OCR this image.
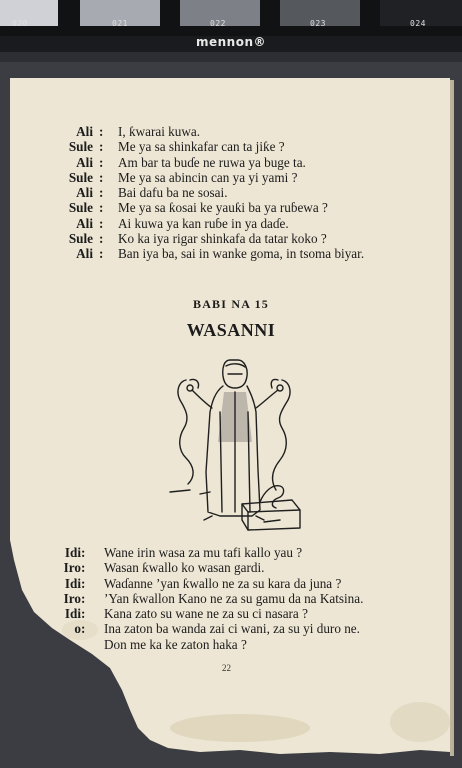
020	021	022	023	024
mennon®
Ali : I, ƙwarai kuwa.
Sule : Me ya sa shinkafar can ta jiƙe ?
Ali : Am bar ta buɗe ne ruwa ya buge ta.
Sule : Me ya sa abincin can ya yi yami ?
Ali : Bai dafu ba ne sosai.
Sule : Me ya sa ƙosai ke yauƙi ba ya ruɓewa ?
Ali : Ai kuwa ya kan ruɓe in ya daɗe.
Sule : Ko ka iya rigar shinkafa da tatar koko ?
Ali : Ban iya ba, sai in wanke goma, in tsoma biyar.
BABI NA 15
WASANNI
Idi : Wane irin wasa za mu tafi kallo yau ?
Iro : Wasan ƙwallo ko wasan gardi.
Idi : Waɗanne ’yan ƙwallo ne za su kara da juna ?
Iro : ’Yan ƙwallon Kano ne za su gamu da na Katsina.
Idi : Kana zato su wane ne za su ci nasara ?
o : Ina zaton ba wanda zai ci wani, za su yi duro ne.
Don me ka ke zaton haka ?
22
